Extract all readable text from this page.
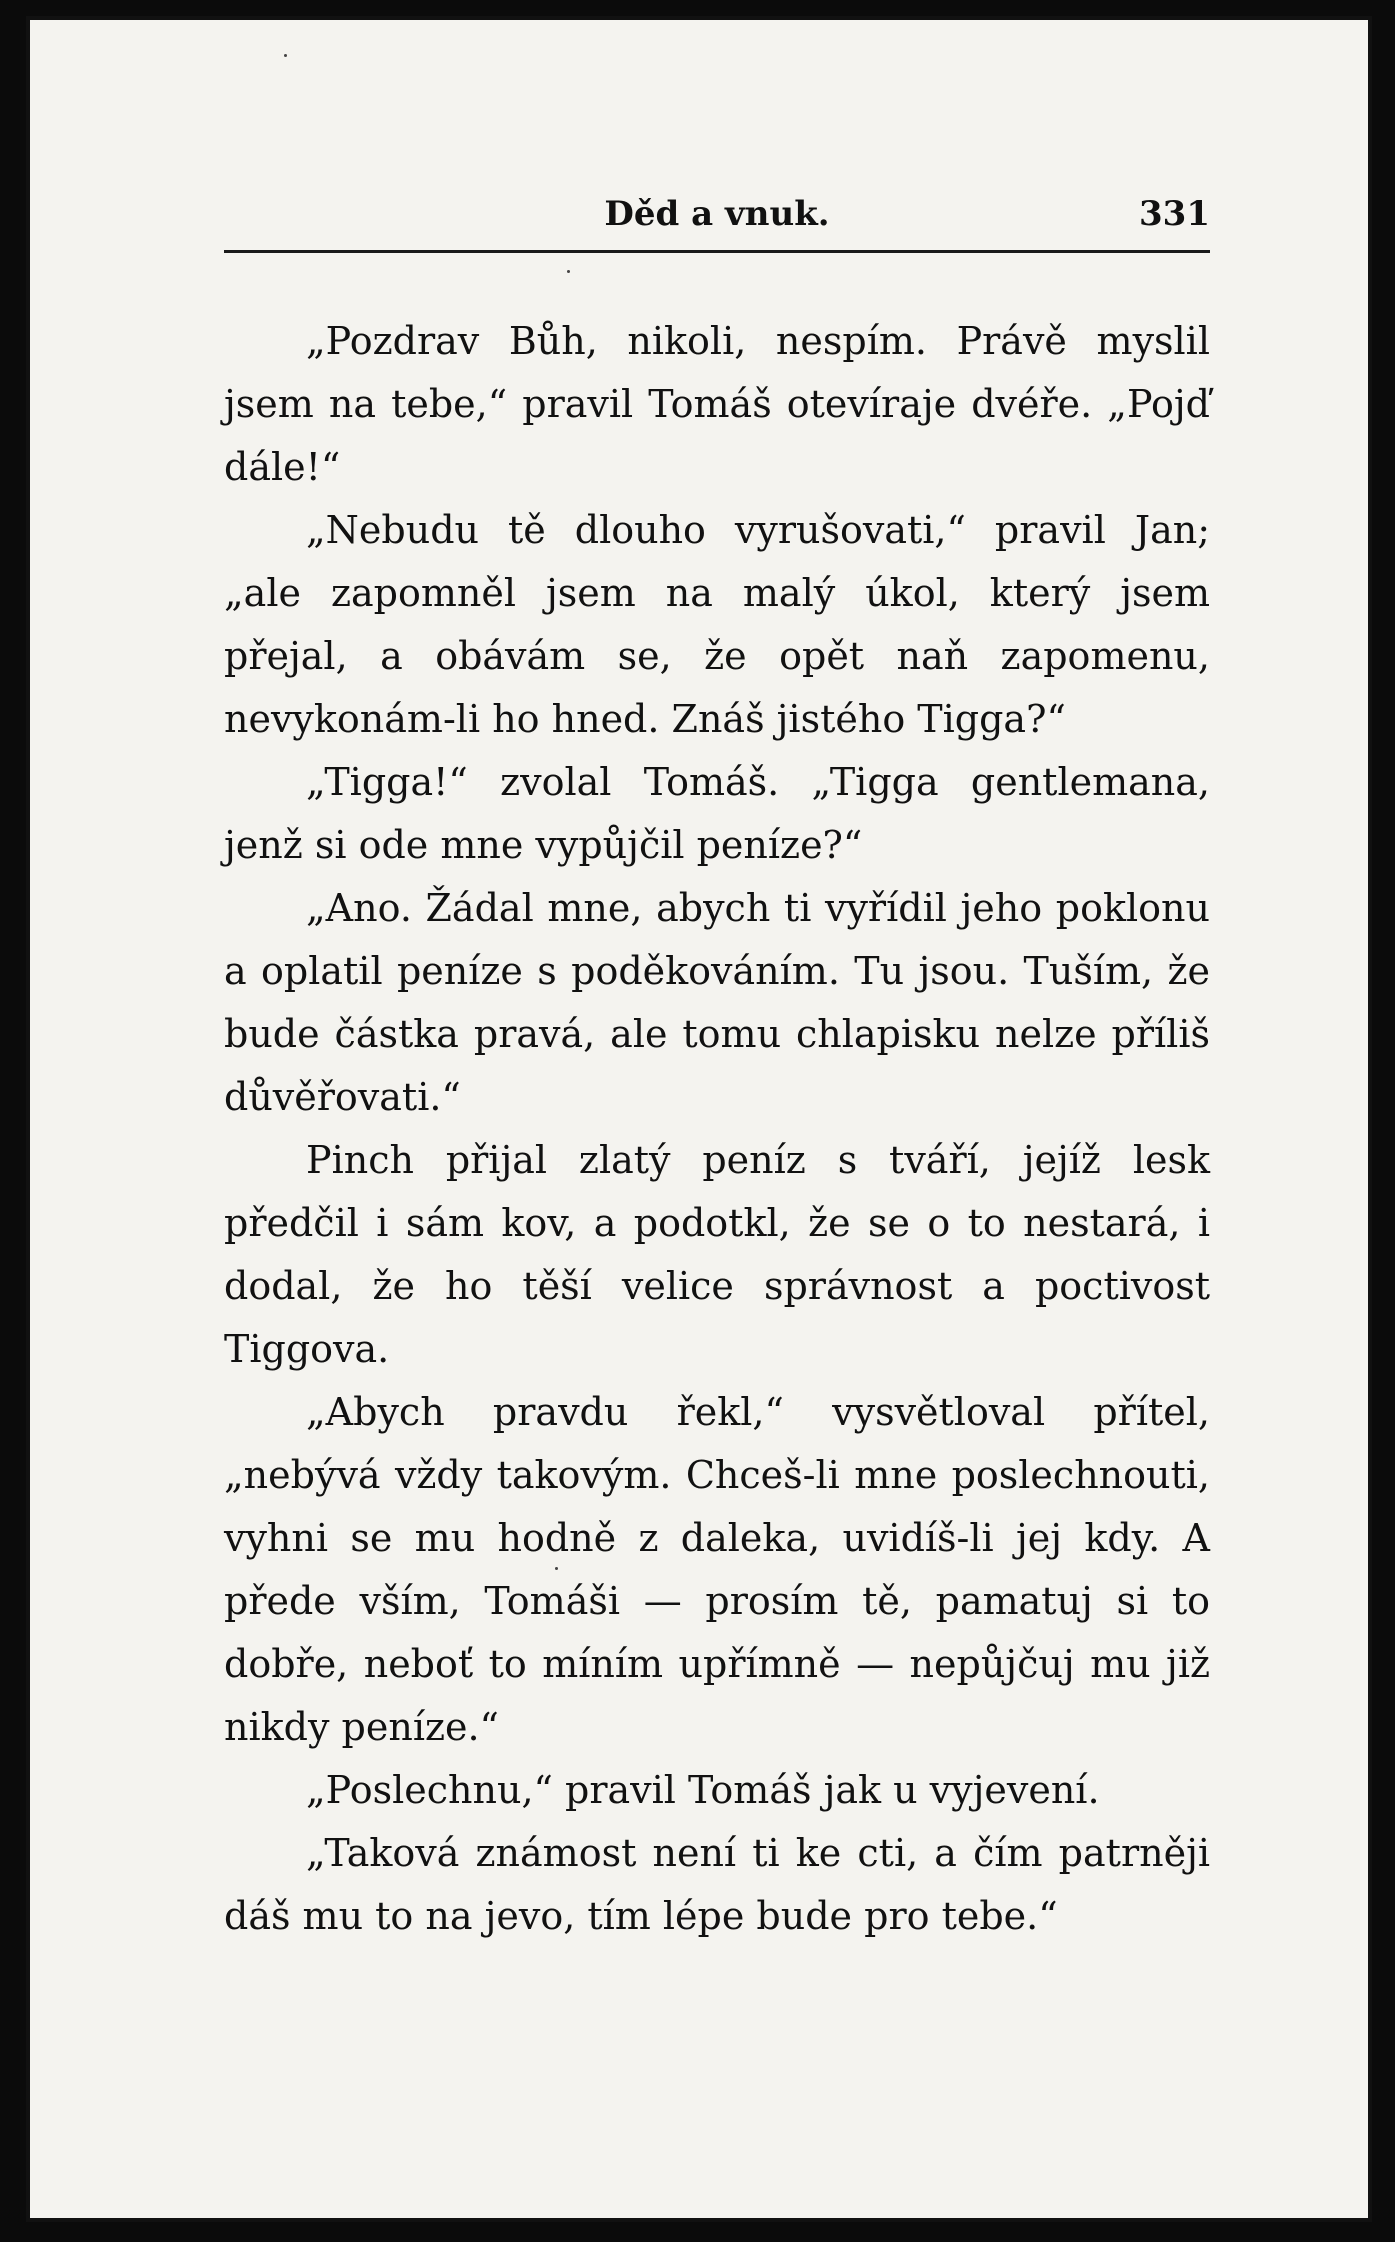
Děd a vnuk.	331

„Pozdrav Bůh, nikoli, nespím. Právě myslil jsem na tebe,“ pravil Tomáš otevíraje dvéře. „Pojď dále!“

„Nebudu tě dlouho vyrušovati,“ pravil Jan; „ale zapomněl jsem na malý úkol, který jsem přejal, a obávám se, že opět naň zapomenu, nevykonám-li ho hned. Znáš jistého Tigga?“

„Tigga!“ zvolal Tomáš. „Tigga gentlemana, jenž si ode mne vypůjčil peníze?“

„Ano. Žádal mne, abych ti vyřídil jeho poklonu a oplatil peníze s poděkováním. Tu jsou. Tuším, že bude částka pravá, ale tomu chlapisku nelze příliš důvěřovati.“

Pinch přijal zlatý peníz s tváří, jejíž lesk předčil i sám kov, a podotkl, že se o to nestará, i dodal, že ho těší velice správnost a poctivost Tiggova.

„Abych pravdu řekl,“ vysvětloval přítel, „nebývá vždy takovým. Chceš-li mne poslechnouti, vyhni se mu hodně z daleka, uvidíš-li jej kdy. A přede vším, Tomáši — prosím tě, pamatuj si to dobře, neboť to míním upřímně — nepůjčuj mu již nikdy peníze.“

„Poslechnu,“ pravil Tomáš jak u vyjevení.

„Taková známost není ti ke cti, a čím patrněji dáš mu to na jevo, tím lépe bude pro tebe.“
